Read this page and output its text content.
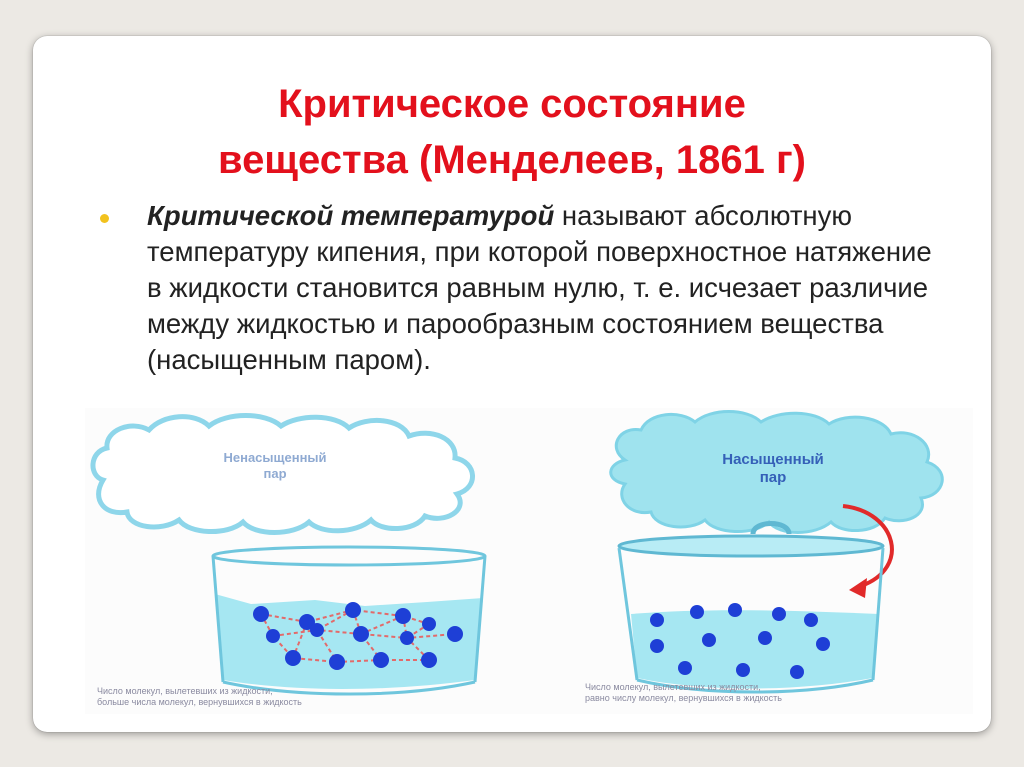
Критическое состояние
вещества (Менделеев, 1861 г)

Критической температурой называют абсолютную температуру кипения, при которой поверхностное натяжение в жидкости становится равным нулю, т. е. исчезает различие между жидкостью и парообразным состоянием вещества (насыщенным паром).

Ненасыщенный
пар
Насыщенный
пар
Число молекул, вылетевших из жидкости,
больше числа молекул, вернувшихся в жидкость
Число молекул, вылетевших из жидкости,
равно числу молекул, вернувшихся в жидкость
